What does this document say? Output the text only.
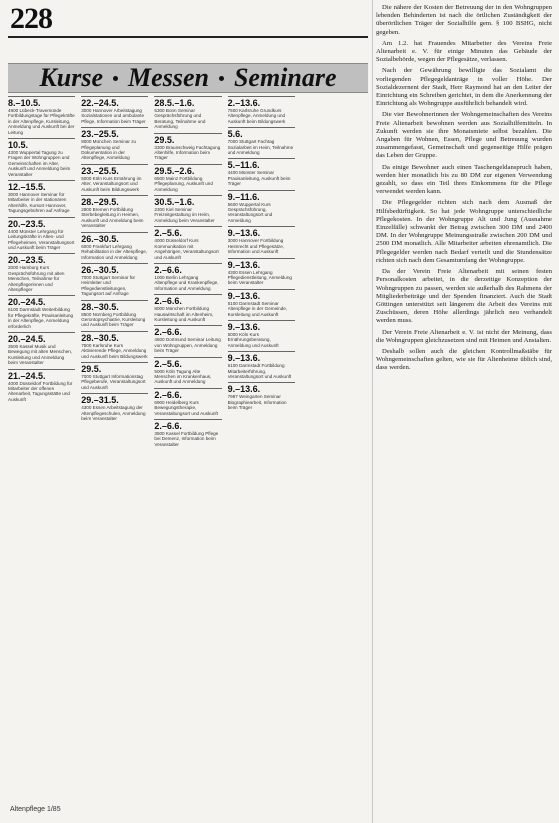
228
Kurse Messen Seminare
8.–10.5.
4900 Lübeck-Travemünde Fortbildungstage für Pflegekräfte in der Altenpflege, Kursleitung, Anmeldung und Auskunft bei der Leitung
10.5.
4300 Wuppertal Tagung zu Fragen der Wohngruppen und Gemeinschaften im Alter, Auskunft und Anmeldung beim Veranstalter
12.–15.5.
3000 Hannover Seminar für Mitarbeiter in der stationären Altenhilfe, Kursort Hannover, Tagungsgebühren auf Anfrage
20.–23.5.
4400 Münster Lehrgang für Leitungskräfte in Alten- und Pflegeheimen, Veranstaltungsort und Auskunft beim Träger
20.–23.5.
2000 Hamburg Kurs Gesprächsführung mit alten Menschen, Teilnahme für Altenpflegerinnen und Altenpfleger
20.–24.5.
6100 Darmstadt Weiterbildung für Pflegekräfte, Praxisanleitung in der Altenpflege, Anmeldung erforderlich
20.–24.5.
3500 Kassel Musik und Bewegung mit alten Menschen, Kursleitung und Anmeldung beim Veranstalter
21.–24.5.
4000 Düsseldorf Fortbildung für Mitarbeiter der offenen Altenarbeit, Tagungsstätte und Auskunft
22.–24.5.
3000 Hannover Arbeitstagung Sozialstationen und ambulante Pflege, Information beim Träger
23.–25.5.
8000 München Seminar zu Pflegeplanung und Dokumentation in der Altenpflege, Anmeldung
23.–25.5.
5000 Köln Kurs Ernährung im Alter, Veranstaltungsort und Auskunft beim Bildungswerk
28.–29.5.
2800 Bremen Fortbildung Sterbebegleitung in Heimen, Auskunft und Anmeldung beim Veranstalter
26.–30.5.
6000 Frankfurt Lehrgang Rehabilitation in der Altenpflege, Information und Anmeldung
26.–30.5.
7000 Stuttgart Seminar für Heimleiter und Pflegedienstleitungen, Tagungsort auf Anfrage
28.–30.5.
8500 Nürnberg Fortbildung Gerontopsychiatrie, Kursleitung und Auskunft beim Träger
28.–30.5.
7500 Karlsruhe Kurs Aktivierende Pflege, Anmeldung und Auskunft beim Bildungswerk
29.5.
7000 Stuttgart Informationstag Pflegeberufe, Veranstaltungsort und Auskunft
29.–31.5.
4300 Essen Arbeitstagung der Altenpflegeschulen, Anmeldung beim Veranstalter
28.5.–1.6.
5300 Bonn Seminar Gesprächsführung und Beratung, Teilnahme und Anmeldung
29.5.
3300 Braunschweig Fachtagung Altenhilfe, Information beim Träger
29.5.–2.6.
6500 Mainz Fortbildung Pflegeplanung, Auskunft und Anmeldung
30.5.–1.6.
2300 Kiel Seminar Freizeitgestaltung im Heim, Anmeldung beim Veranstalter
2.–5.6.
4000 Düsseldorf Kurs Kommunikation mit Angehörigen, Veranstaltungsort und Auskunft
2.–6.6.
1000 Berlin Lehrgang Altenpflege und Krankenpflege, Information und Anmeldung
2.–6.6.
8000 München Fortbildung Hauswirtschaft im Altenheim, Kursleitung und Auskunft
2.–6.6.
4600 Dortmund Seminar Leitung von Wohngruppen, Anmeldung beim Träger
2.–5.6.
5000 Köln Tagung Alte Menschen im Krankenhaus, Auskunft und Anmeldung
2.–6.6.
6900 Heidelberg Kurs Bewegungstherapie, Veranstaltungsort und Auskunft
2.–6.6.
3500 Kassel Fortbildung Pflege bei Demenz, Information beim Veranstalter
2.–13.6.
7500 Karlsruhe Grundkurs Altenpflege, Anmeldung und Auskunft beim Bildungswerk
5.6.
7000 Stuttgart Fachtag Sozialarbeit im Heim, Teilnahme und Anmeldung
5.–11.6.
4400 Münster Seminar Praxisanleitung, Auskunft beim Träger
9.–11.6.
5600 Wuppertal Kurs Gesprächsführung, Veranstaltungsort und Anmeldung
9.–13.6.
3000 Hannover Fortbildung Heimrecht und Pflegesätze, Information und Auskunft
9.–13.6.
4300 Essen Lehrgang Pflegedienstleitung, Anmeldung beim Veranstalter
9.–13.6.
6100 Darmstadt Seminar Altenpflege in der Gemeinde, Kursleitung und Auskunft
9.–13.6.
5000 Köln Kurs Ernährungsberatung, Anmeldung und Auskunft
9.–13.6.
6100 Darmstadt Fortbildung Mitarbeiterführung, Veranstaltungsort und Auskunft
9.–13.6.
7987 Weingarten Seminar Biographiearbeit, Information beim Träger

Die nähere der Kosten der Betreuung der in den Wohngruppen lebenden Behinderten ist nach die örtlichen Zuständigkeit der überörtlichen Träger der Sozialhilfe gem. § 100 BSHG, nicht gegeben.

Am 1.2. hat Frauendes Mitarbeiter des Vereins Freie Altenarbeit e. V. für einige Minuten das Gebäude der Sozialbehörde, wegen der Pflegesätze, verlassen.

Nach der Gewährung bewilligte das Sozialamt die vorliegenden Pflegegeldanträge in voller Höhe. Der Sozialdezernent der Stadt, Herr Raymond hat an den Leiter der Einrichtung ein Schreiben gerichtet, in dem die Anerkennung der Einrichtung als Wohngruppe ausführlich behandelt wird.

Die vier Bewohnerinnen der Wohngemeinschaften des Vereins Freie Altenarbeit bewohnen werden aus Sozialhilfemitteln. In Zukunft werden sie ihre Monatsmiete selbst bezahlen. Die Angaben für Wohnen, Essen, Pflege und Betreuung wurden zusammengefasst, Gemeinschaft und gegenseitige Hilfe prägen das Leben der Gruppe.

Da einige Bewohner auch einen Taschengeldanspruch haben, werden hier monatlich bis zu 80 DM zur eigenen Verwendung gezahlt, so dass ein Teil ihres Einkommens für die Pflege verwendet werden kann.

Die Pflegegelder richten sich nach dem Ausmaß der Hilfsbedürftigkeit. So hat jede Wohngruppe unterschiedliche Pflegekosten. In der Wohngruppe Alt und Jung (Ausnahme Einzelfälle) schwankt der Betrag zwischen 300 DM und 2400 DM. In der Wohngruppe Meinungsstraße zwischen 200 DM und 2500 DM monatlich. Alle Mitarbeiter arbeiten ehrenamtlich. Die Pflegegelder werden nach Bedarf verteilt und die Stundensätze richten sich nach dem Gesamtumfang der Wohngruppe.

Da der Verein Freie Altenarbeit mit seinen festen Personalkosten arbeitet, in die derzeitige Konzeption der Wohngruppen zu passen, werden sie außerhalb des Rahmens der Mitgliederbeiträge und der Spenden finanziert. Auch die Stadt Göttingen unterstützt seit längerem die Arbeit des Vereins mit Zuschüssen, deren Höhe allerdings jährlich neu verhandelt werden muss.

Der Verein Freie Altenarbeit e. V. ist nicht der Meinung, dass die Wohngruppen gleichzusetzen sind mit Heimen und Anstalten.

Deshalb sollen auch die gleichen Kontrollmaßstäbe für Wohngemeinschaften gelten, wie sie für Altenheime üblich sind, dass werden.

Altenpflege 1/85
